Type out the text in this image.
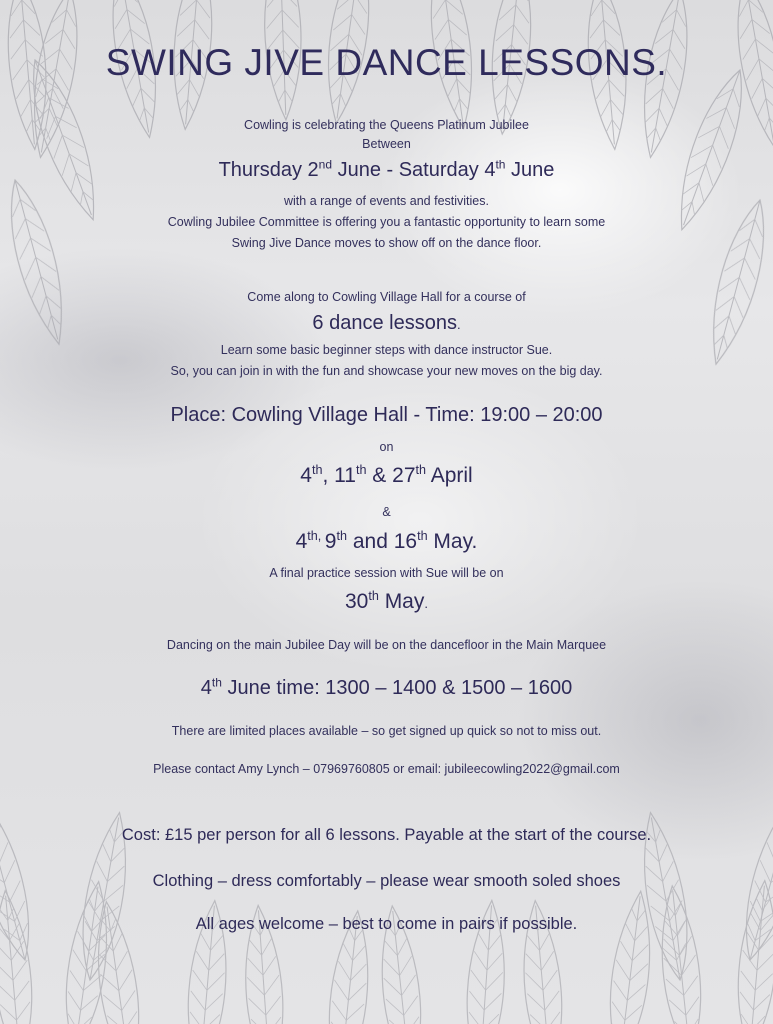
SWING JIVE DANCE LESSONS.
Cowling is celebrating the Queens Platinum Jubilee
Between
Thursday 2nd June - Saturday 4th June
with a range of events and festivities.
Cowling Jubilee Committee is offering you a fantastic opportunity to learn some
Swing Jive Dance moves to show off on the dance floor.
Come along to Cowling Village Hall for a course of
6 dance lessons.
Learn some basic beginner steps with dance instructor Sue.
So, you can join in with the fun and showcase your new moves on the big day.
Place: Cowling Village Hall - Time: 19:00 – 20:00
on
4th, 11th & 27th April
&
$4^{th,}$ 9th and 16th May.
A final practice session with Sue will be on
30th May.
Dancing on the main Jubilee Day will be on the dancefloor in the Main Marquee
4th June time: 1300 – 1400 & 1500 – 1600
There are limited places available – so get signed up quick so not to miss out.
Please contact Amy Lynch – 07969760805 or email: jubileecowling2022@gmail.com
Cost: £15 per person for all 6 lessons. Payable at the start of the course.
Clothing – dress comfortably – please wear smooth soled shoes
All ages welcome – best to come in pairs if possible.
